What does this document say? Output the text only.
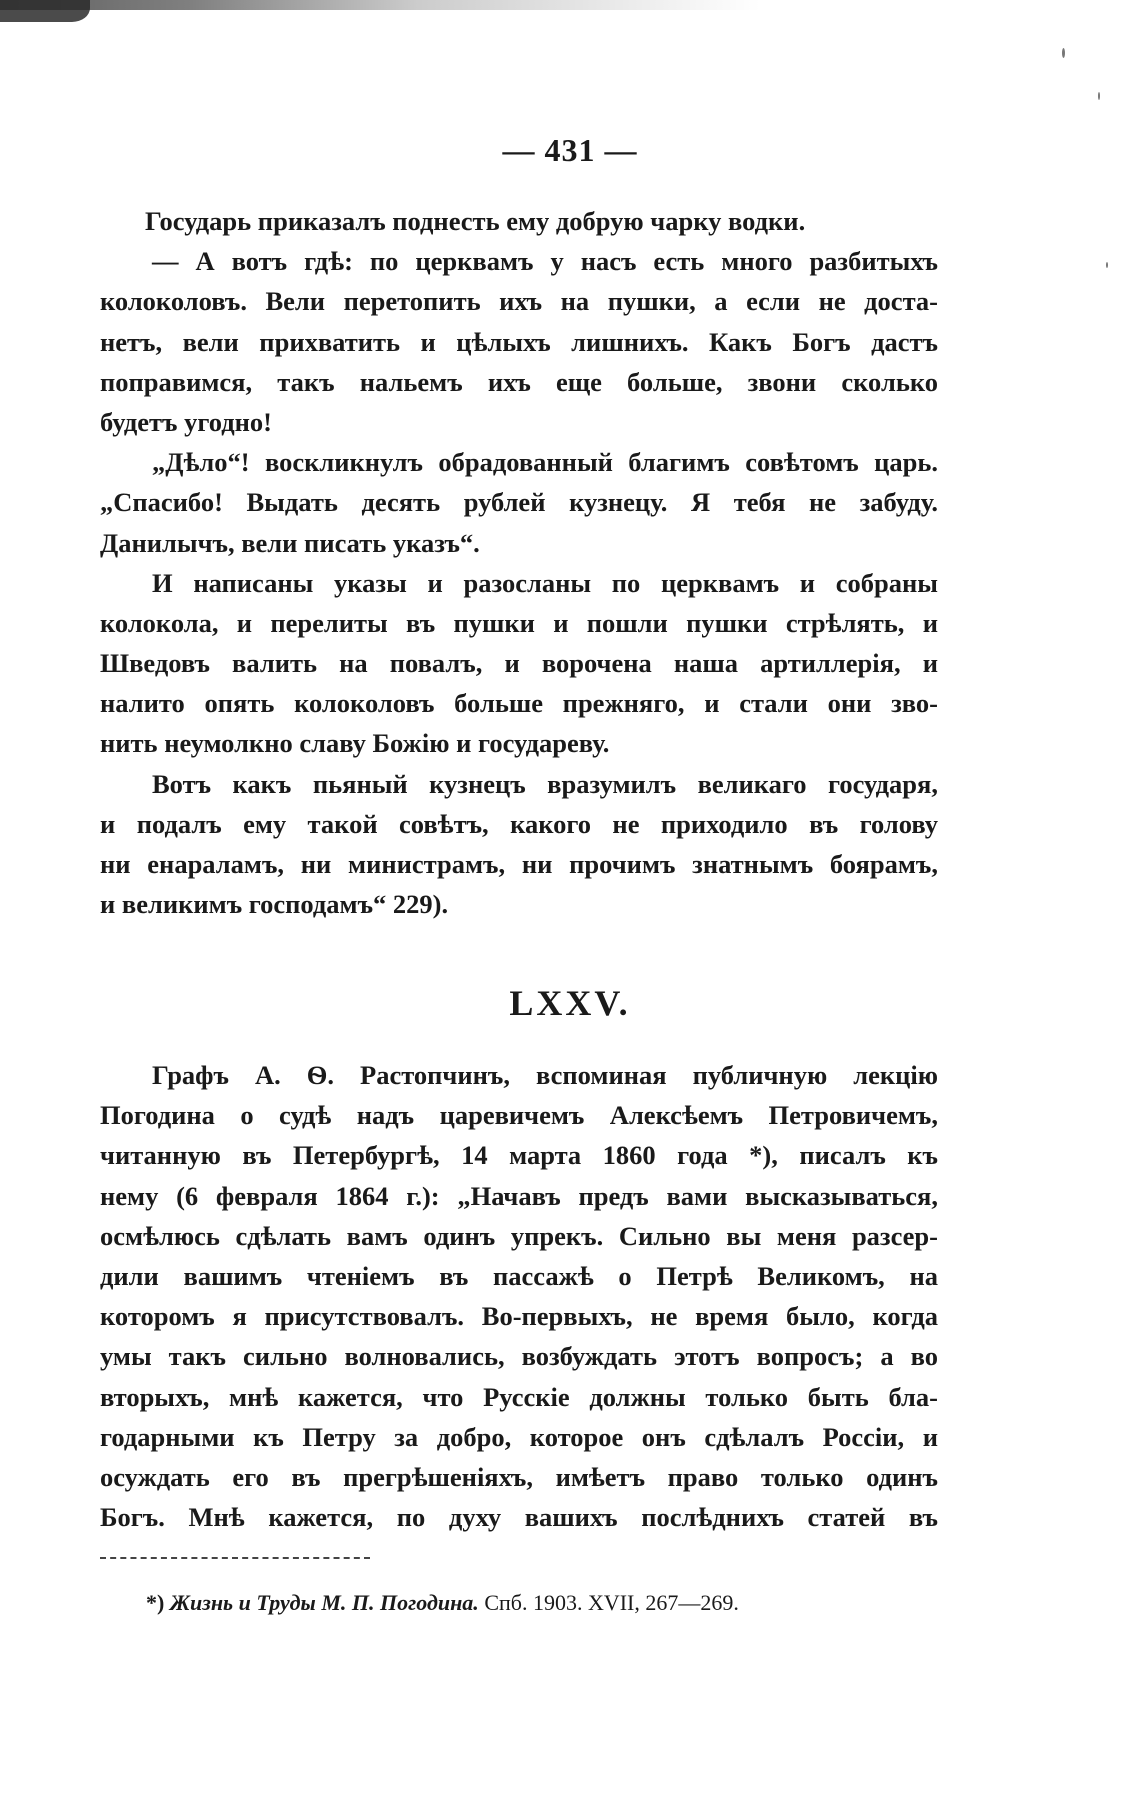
— 431 —
Государь приказалъ поднесть ему добрую чарку водки.
— А вотъ гдѣ: по церквамъ у насъ есть много разбитыхъ
колоколовъ. Вели перетопить ихъ на пушки, а если не доста-
нетъ, вели прихватить и цѣлыхъ лишнихъ. Какъ Богъ дастъ
поправимся, такъ нальемъ ихъ еще больше, звони сколько
будетъ угодно!
„Дѣло“! воскликнулъ обрадованный благимъ совѣтомъ царь.
„Спасибо! Выдать десять рублей кузнецу. Я тебя не забуду.
Данилычъ, вели писать указъ“.
И написаны указы и разосланы по церквамъ и собраны
колокола, и перелиты въ пушки и пошли пушки стрѣлять, и
Шведовъ валить на повалъ, и ворочена наша артиллерія, и
налито опять колоколовъ больше прежняго, и стали они зво-
нить неумолкно славу Божію и государеву.
Вотъ какъ пьяный кузнецъ вразумилъ великаго государя,
и подалъ ему такой совѣтъ, какого не приходило въ голову
ни енараламъ, ни министрамъ, ни прочимъ знатнымъ боярамъ,
и великимъ господамъ“ 229).
LXXV.
Графъ А. Ѳ. Растопчинъ, вспоминая публичную лекцію
Погодина о судѣ надъ царевичемъ Алексѣемъ Петровичемъ,
читанную въ Петербургѣ, 14 марта 1860 года *), писалъ къ
нему (6 февраля 1864 г.): „Начавъ предъ вами высказываться,
осмѣлюсь сдѣлать вамъ одинъ упрекъ. Сильно вы меня разсер-
дили вашимъ чтеніемъ въ пассажѣ о Петрѣ Великомъ, на
которомъ я присутствовалъ. Во-первыхъ, не время было, когда
умы такъ сильно волновались, возбуждать этотъ вопросъ; а во
вторыхъ, мнѣ кажется, что Русскіе должны только быть бла-
годарными къ Петру за добро, которое онъ сдѣлалъ Россіи, и
осуждать его въ прегрѣшеніяхъ, имѣетъ право только одинъ
Богъ. Мнѣ кажется, по духу вашихъ послѣднихъ статей въ
*) Жизнь и Труды М. П. Погодина. Спб. 1903. XVII, 267—269.
